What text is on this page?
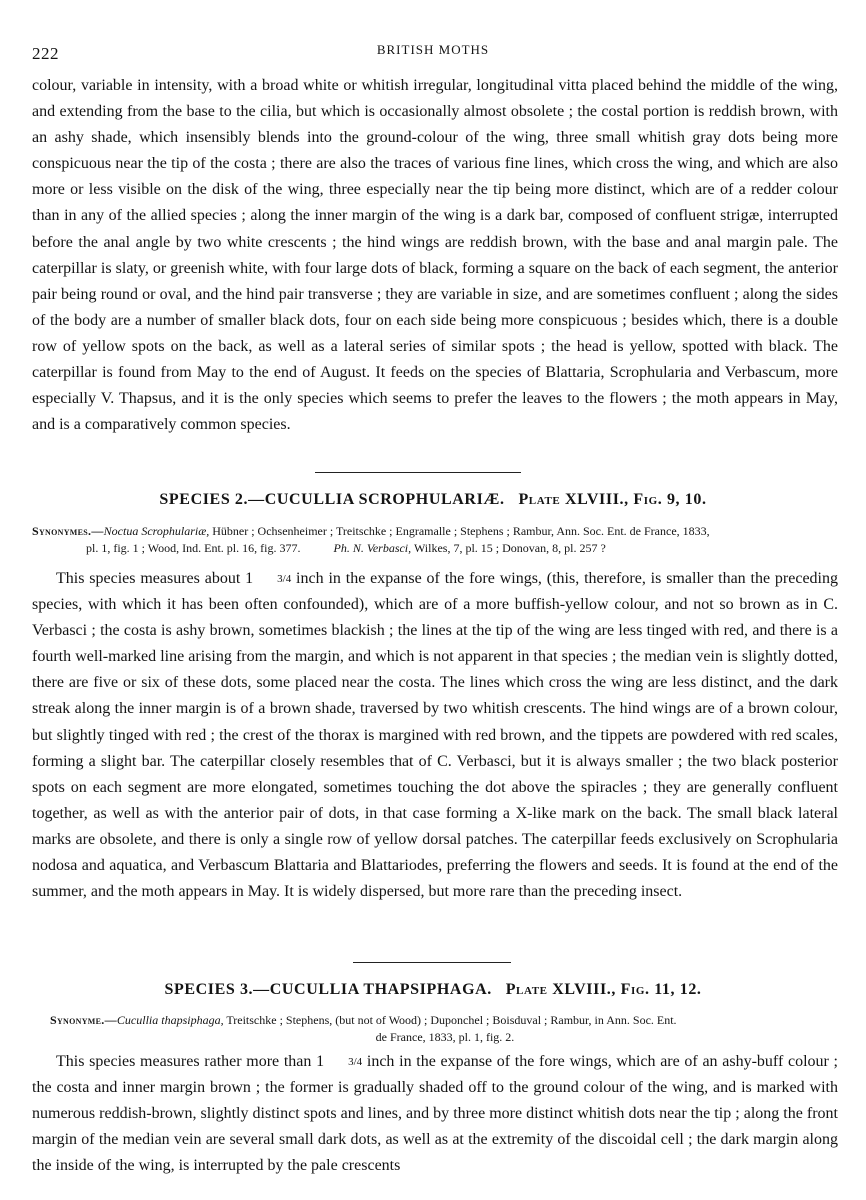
222	BRITISH MOTHS

colour, variable in intensity, with a broad white or whitish irregular, longitudinal vitta placed behind the middle of the wing, and extending from the base to the cilia, but which is occasionally almost obsolete ; the costal portion is reddish brown, with an ashy shade, which insensibly blends into the ground-colour of the wing, three small whitish gray dots being more conspicuous near the tip of the costa ; there are also the traces of various fine lines, which cross the wing, and which are also more or less visible on the disk of the wing, three especially near the tip being more distinct, which are of a redder colour than in any of the allied species ; along the inner margin of the wing is a dark bar, composed of confluent strigæ, interrupted before the anal angle by two white crescents ; the hind wings are reddish brown, with the base and anal margin pale. The caterpillar is slaty, or greenish white, with four large dots of black, forming a square on the back of each segment, the anterior pair being round or oval, and the hind pair transverse ; they are variable in size, and are sometimes confluent ; along the sides of the body are a number of smaller black dots, four on each side being more conspicuous ; besides which, there is a double row of yellow spots on the back, as well as a lateral series of similar spots ; the head is yellow, spotted with black. The caterpillar is found from May to the end of August. It feeds on the species of Blattaria, Scrophularia and Verbascum, more especially V. Thapsus, and it is the only species which seems to prefer the leaves to the flowers ; the moth appears in May, and is a comparatively common species.

SPECIES 2.—CUCULLIA SCROPHULARIÆ. Plate XLVIII., Fig. 9, 10.
Synonymes.—Noctua Scrophulariæ, Hübner ; Ochsenheimer ; Treitschke ; Engramalle ; Stephens ; Rambur, Ann. Soc. Ent. de France, 1833,
pl. 1, fig. 1 ; Wood, Ind. Ent. pl. 16, fig. 377.	Ph. N. Verbasci, Wilkes, 7, pl. 15 ; Donovan, 8, pl. 257 ?

This species measures about 1 3/4 inch in the expanse of the fore wings, (this, therefore, is smaller than the preceding species, with which it has been often confounded), which are of a more buffish-yellow colour, and not so brown as in C. Verbasci ; the costa is ashy brown, sometimes blackish ; the lines at the tip of the wing are less tinged with red, and there is a fourth well-marked line arising from the margin, and which is not apparent in that species ; the median vein is slightly dotted, there are five or six of these dots, some placed near the costa. The lines which cross the wing are less distinct, and the dark streak along the inner margin is of a brown shade, traversed by two whitish crescents. The hind wings are of a brown colour, but slightly tinged with red ; the crest of the thorax is margined with red brown, and the tippets are powdered with red scales, forming a slight bar. The caterpillar closely resembles that of C. Verbasci, but it is always smaller ; the two black posterior spots on each segment are more elongated, sometimes touching the dot above the spiracles ; they are generally confluent together, as well as with the anterior pair of dots, in that case forming a X-like mark on the back. The small black lateral marks are obsolete, and there is only a single row of yellow dorsal patches. The caterpillar feeds exclusively on Scrophularia nodosa and aquatica, and Verbascum Blattaria and Blattariodes, preferring the flowers and seeds. It is found at the end of the summer, and the moth appears in May. It is widely dispersed, but more rare than the preceding insect.

SPECIES 3.—CUCULLIA THAPSIPHAGA. Plate XLVIII., Fig. 11, 12.
Synonyme.—Cucullia thapsiphaga, Treitschke ; Stephens, (but not of Wood) ; Duponchel ; Boisduval ; Rambur, in Ann. Soc. Ent.
de France, 1833, pl. 1, fig. 2.

This species measures rather more than 1 3/4 inch in the expanse of the fore wings, which are of an ashy-buff colour ; the costa and inner margin brown ; the former is gradually shaded off to the ground colour of the wing, and is marked with numerous reddish-brown, slightly distinct spots and lines, and by three more distinct whitish dots near the tip ; along the front margin of the median vein are several small dark dots, as well as at the extremity of the discoidal cell ; the dark margin along the inside of the wing, is interrupted by the pale crescents
